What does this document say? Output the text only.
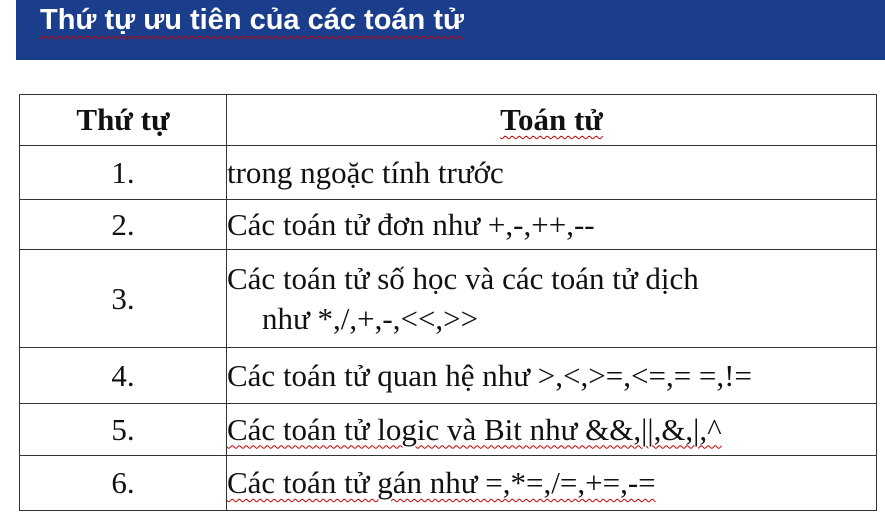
Thứ tự ưu tiên của các toán tử
Thứ tự	Toán tử
1.	trong ngoặc tính trước
2.	Các toán tử đơn như +,-,++,--
3.	Các toán tử số học và các toán tử dịch
như *,/,+,-,<<,>>

4.	Các toán tử quan hệ như >,<,>=,<=,= =,!=
5.	Các toán tử logic và Bit như &&,||,&,|,^
6.	Các toán tử gán như =,*=,/=,+=,-=
